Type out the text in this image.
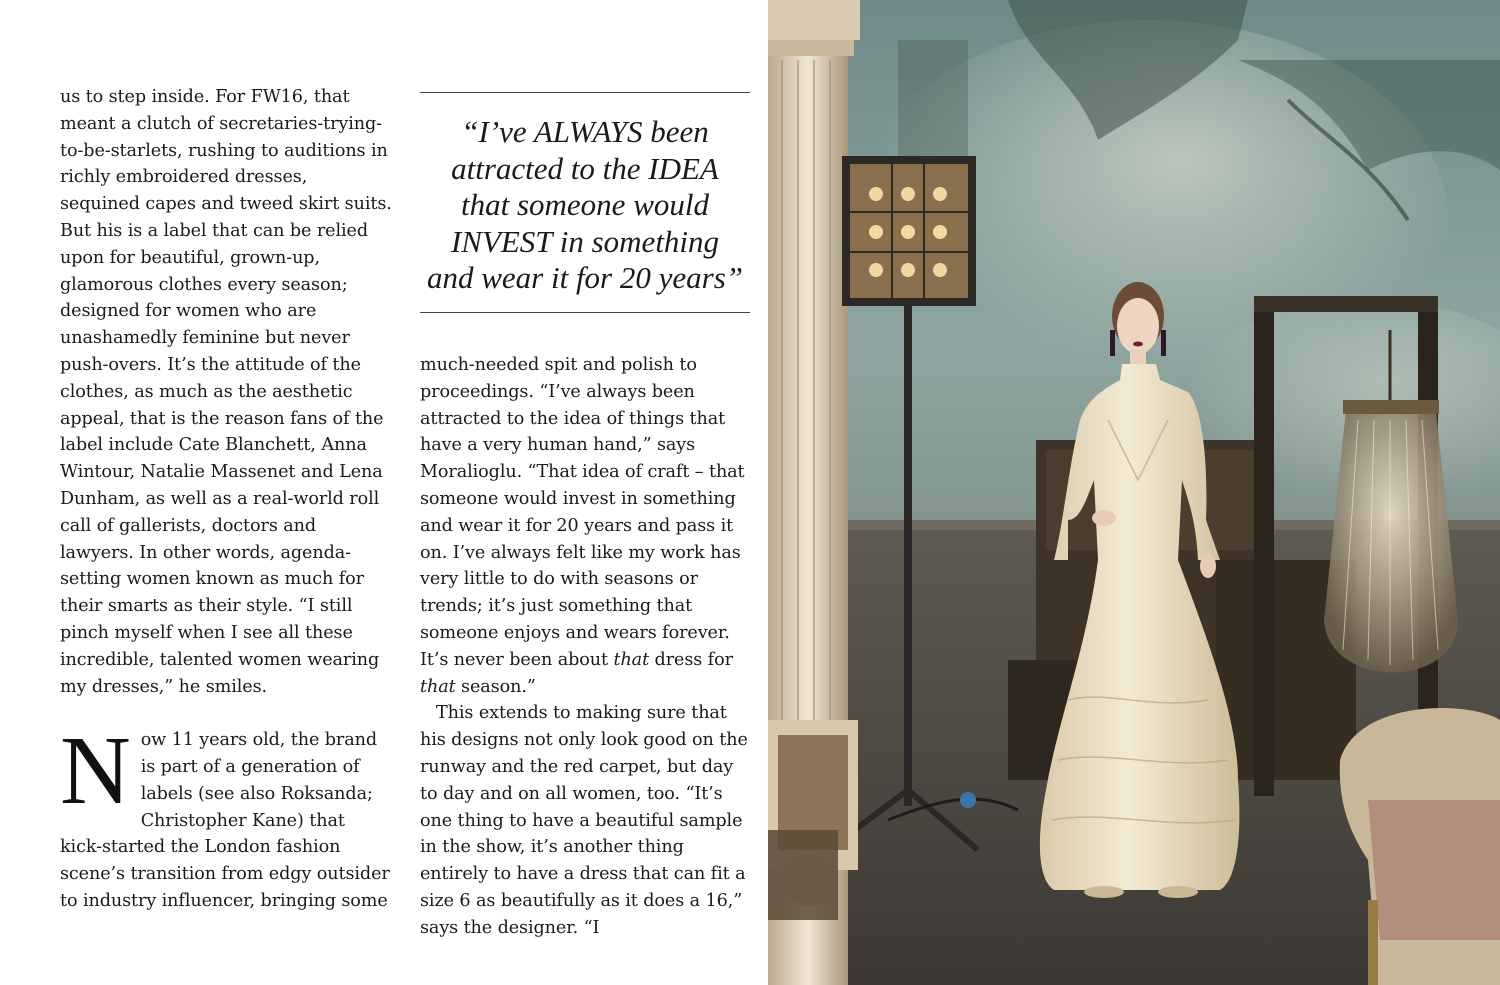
us to step inside. For FW16, that meant a clutch of secretaries-trying-to-be-starlets, rushing to auditions in richly embroidered dresses, sequined capes and tweed skirt suits. But his is a label that can be relied upon for beautiful, grown-up, glamorous clothes every season; designed for women who are unashamedly feminine but never push-overs. It’s the attitude of the clothes, as much as the aesthetic appeal, that is the reason fans of the label include Cate Blanchett, Anna Wintour, Natalie Massenet and Lena Dunham, as well as a real-world roll call of gallerists, doctors and lawyers. In other words, agenda-setting women known as much for their smarts as their style. “I still pinch myself when I see all these incredible, talented women wearing my dresses,” he smiles.

Now 11 years old, the brand is part of a generation of labels (see also Roksanda; Christopher Kane) that kick-started the London fashion scene’s transition from edgy outsider to industry influencer, bringing some

“I’ve ALWAYS been
attracted to the IDEA
that someone would
INVEST in something
and wear it for 20 years”

much-needed spit and polish to proceedings. “I’ve always been attracted to the idea of things that have a very human hand,” says Moralioglu. “That idea of craft – that someone would invest in something and wear it for 20 years and pass it on. I’ve always felt like my work has very little to do with seasons or trends; it’s just something that someone enjoys and wears forever. It’s never been about that dress for that season.”

This extends to making sure that his designs not only look good on the runway and the red carpet, but day to day and on all women, too. “It’s one thing to have a beautiful sample in the show, it’s another thing entirely to have a dress that can fit a size 6 as beautifully as it does a 16,” says the designer. “I
